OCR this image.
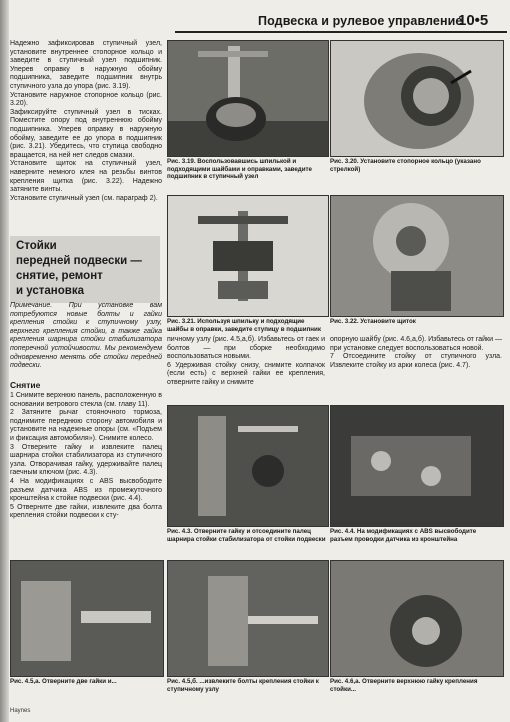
Подвеска и рулевое управление
10•5

Надежно зафиксировав ступичный узел, установите внутреннее стопорное кольцо и заведите в ступичный узел подшипник. Уперев оправку в наружную обойму подшипника, заведите подшипник внутрь ступичного узла до упора (рис. 3.19).

Установите наружное стопорное кольцо (рис. 3.20).

Зафиксируйте ступичный узел в тисках. Поместите опору под внутреннюю обойму подшипника. Уперев оправку в наружную обойму, заведите ее до упора в подшипник (рис. 3.21). Убедитесь, что ступица свободно вращается, на ней нет следов смазки.

Установите щиток на ступичный узел, наверните немного клея на резьбы винтов крепления щитка (рис. 3.22). Надежно затяните винты.

Установите ступичный узел (см. параграф 2).

Стойки

передней подвески —

снятие, ремонт

и установка

Примечание. При установке вам потребуются новые болты и гайки крепления стойки к ступичному узлу, верхнего крепления стойки, а также гайка крепления шарнира стойки стабилизатора поперечной устойчивости. Мы рекомендуем одновременно менять обе стойки передней подвески.
Снятие

1 Снимите верхнюю панель, расположенную в основании ветрового стекла (см. главу 11).

2 Затяните рычаг стояночного тормоза, поднимите переднюю сторону автомобиля и установите на надежные опоры (см. «Подъем и фиксация автомобиля»). Снимите колесо.

3 Отверните гайку и извлеките палец шарнира стойки стабилизатора из ступичного узла. Отворачивая гайку, удерживайте палец гаечным ключом (рис. 4.3).

4 На модификациях с ABS высвободите разъем датчика ABS из промежуточного кронштейна к стойке подвески (рис. 4.4).

5 Отверните две гайки, извлеките два болта крепления стойки подвески к сту-

Рис. 3.19. Воспользовавшись шпилькой и подходящими шайбами и оправками, заведите подшипник в ступичный узел
Рис. 3.20. Установите стопорное кольцо (указано стрелкой)
Рис. 3.21. Используя шпильку и подходящие шайбы в оправки, заведите ступицу в подшипник
Рис. 3.22. Установите щиток

пичному узлу (рис. 4.5,а,б). Избавьтесь от гаек и болтов — при сборке необходимо воспользоваться новыми.

6 Удерживая стойку снизу, снимите колпачок (если есть) с верхней гайки ее крепления, отверните гайку и снимите

опорную шайбу (рис. 4.6,а,б). Избавьтесь от гайки — при установке следует воспользоваться новой.

7 Отсоедините стойку от ступичного узла. Извлеките стойку из арки колеса (рис. 4.7).

Рис. 4.3. Отверните гайку и отсоедините палец шарнира стойки стабилизатора от стойки подвески
Рис. 4.4. На модификациях с ABS высвободите разъем проводки датчика из кронштейна
Рис. 4.5,а. Отверните две гайки и...	Рис. 4.5,б. ...извлеките болты крепления стойки к ступичному узлу
Рис. 4.6,а. Отверните верхнюю гайку крепления стойки...
Haynes
